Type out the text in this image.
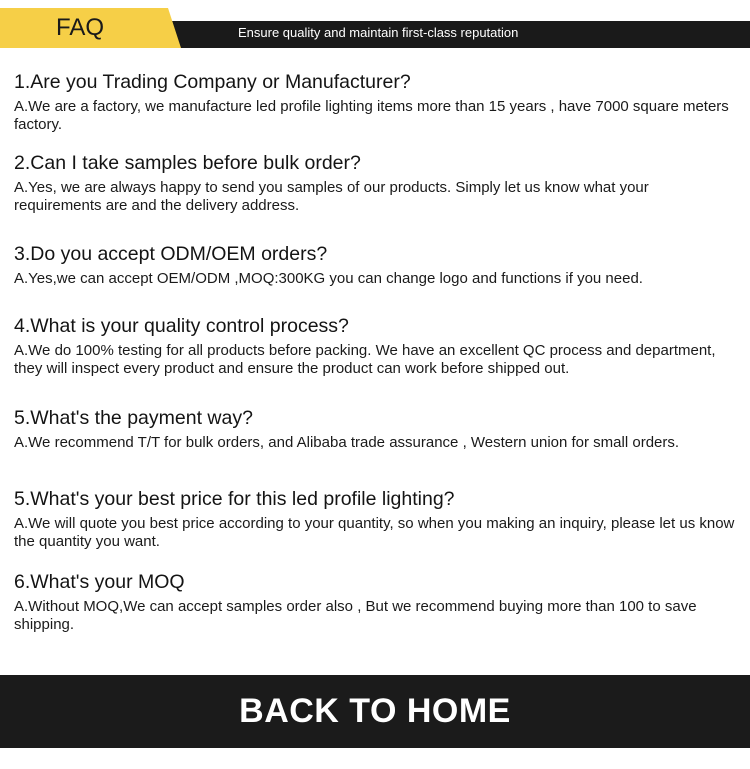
Ensure quality and maintain first-class reputation
FAQ
1.Are you Trading Company or Manufacturer?
A.We are a factory, we manufacture led profile lighting items more than 15 years , have 7000 square meters factory.
2.Can I take samples before bulk order?
A.Yes, we are always happy to send you samples of our products. Simply let us know what your requirements are and the delivery address.
3.Do you accept ODM/OEM orders?
A.Yes,we can accept OEM/ODM ,MOQ:300KG you can change logo and functions if you need.
4.What is your quality control process?
A.We do 100% testing for all products before packing. We have an excellent QC process and department, they will inspect every product and ensure the product can work before shipped out.
5.What's the payment way?
A.We recommend T/T for bulk orders, and Alibaba trade assurance , Western union for small orders.
5.What's your best price for this led profile lighting?
A.We will quote you best price according to your quantity, so when you making an inquiry, please let us know the quantity you want.
6.What's your MOQ
A.Without MOQ,We can accept samples order also , But we recommend buying more than 100 to save shipping.
BACK TO HOME
